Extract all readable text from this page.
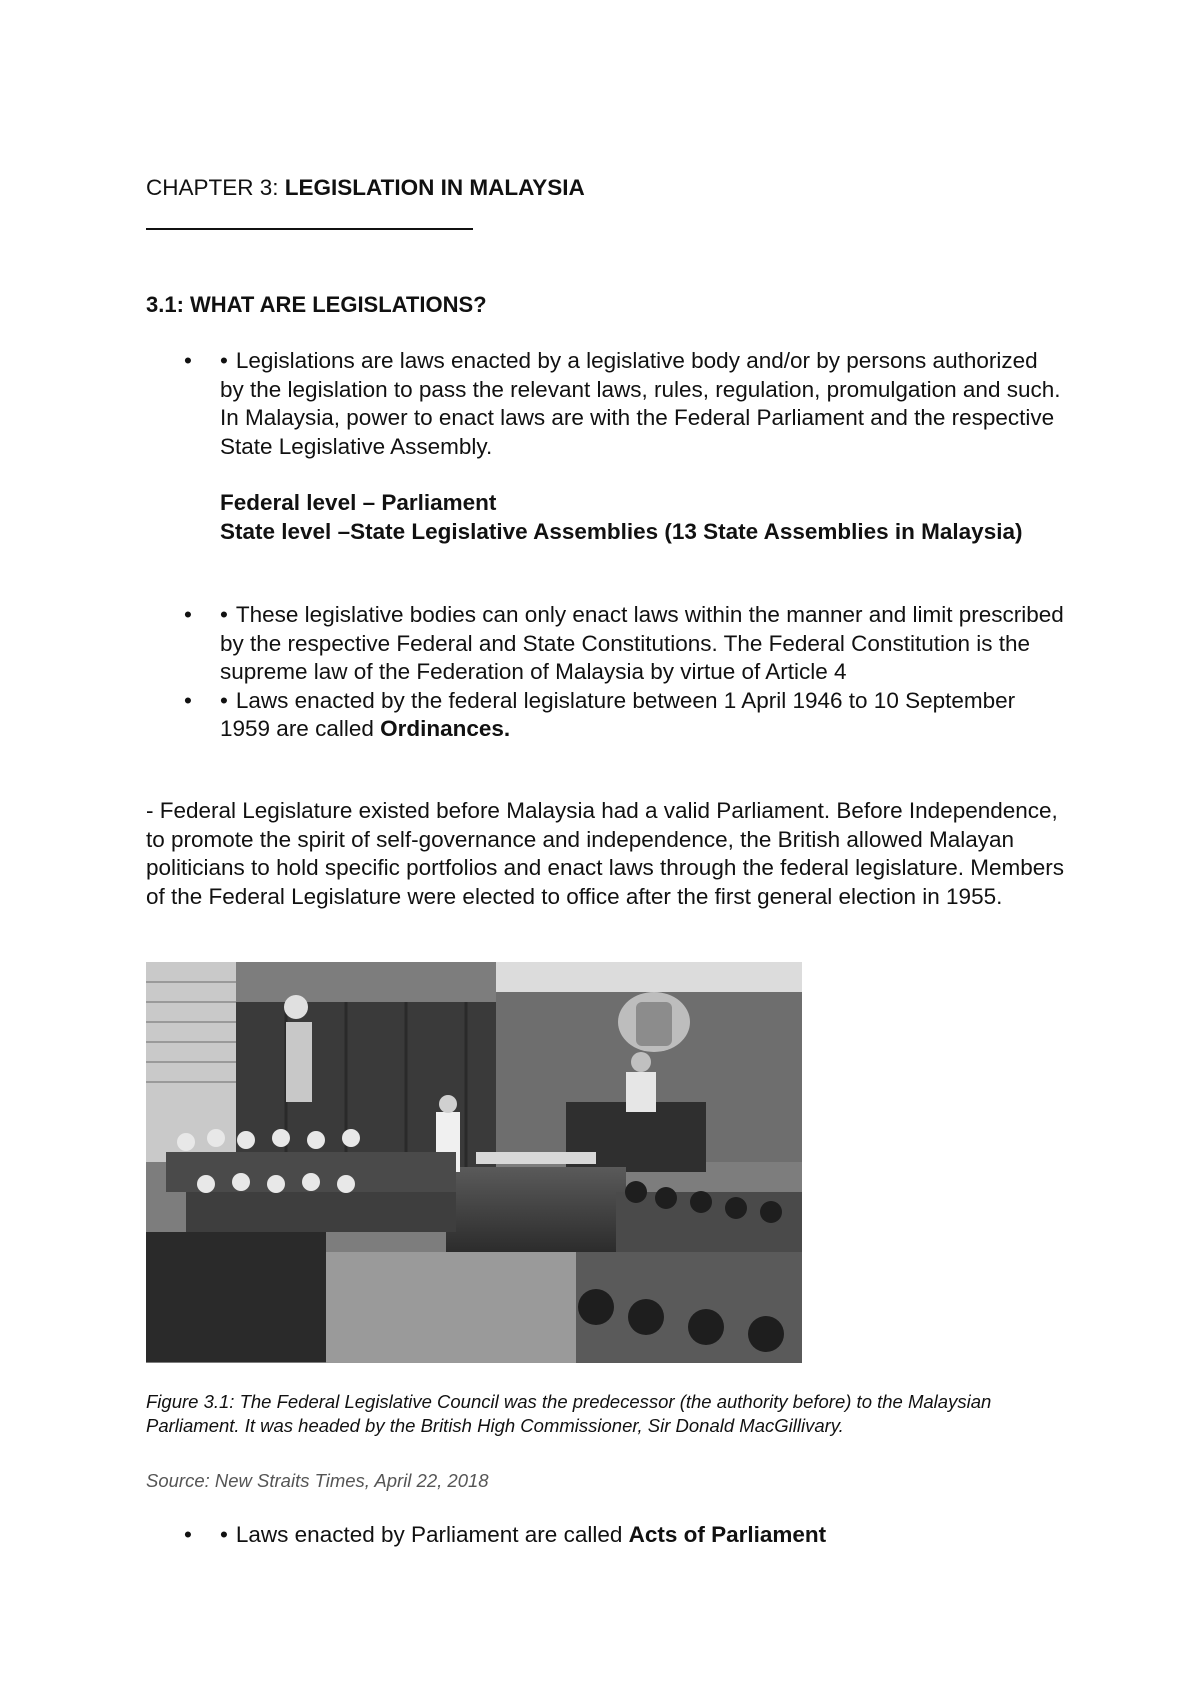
CHAPTER 3: LEGISLATION IN MALAYSIA
3.1: WHAT ARE LEGISLATIONS?
• • Legislations are laws enacted by a legislative body and/or by persons authorized by the legislation to pass the relevant laws, rules, regulation, promulgation and such. In Malaysia, power to enact laws are with the Federal Parliament and the respective State Legislative Assembly.
Federal level – Parliament
State level –State Legislative Assemblies (13 State Assemblies in Malaysia)
• • These legislative bodies can only enact laws within the manner and limit prescribed by the respective Federal and State Constitutions. The Federal Constitution is the supreme law of the Federation of Malaysia by virtue of Article 4
• • Laws enacted by the federal legislature between 1 April 1946 to 10 September 1959 are called Ordinances.
- Federal Legislature existed before Malaysia had a valid Parliament. Before Independence, to promote the spirit of self-governance and independence, the British allowed Malayan politicians to hold specific portfolios and enact laws through the federal legislature. Members of the Federal Legislature were elected to office after the first general election in 1955.
Figure 3.1: The Federal Legislative Council was the predecessor (the authority before) to the Malaysian Parliament. It was headed by the British High Commissioner, Sir Donald MacGillivary.
Source: New Straits Times, April 22, 2018
• • Laws enacted by Parliament are called Acts of Parliament
